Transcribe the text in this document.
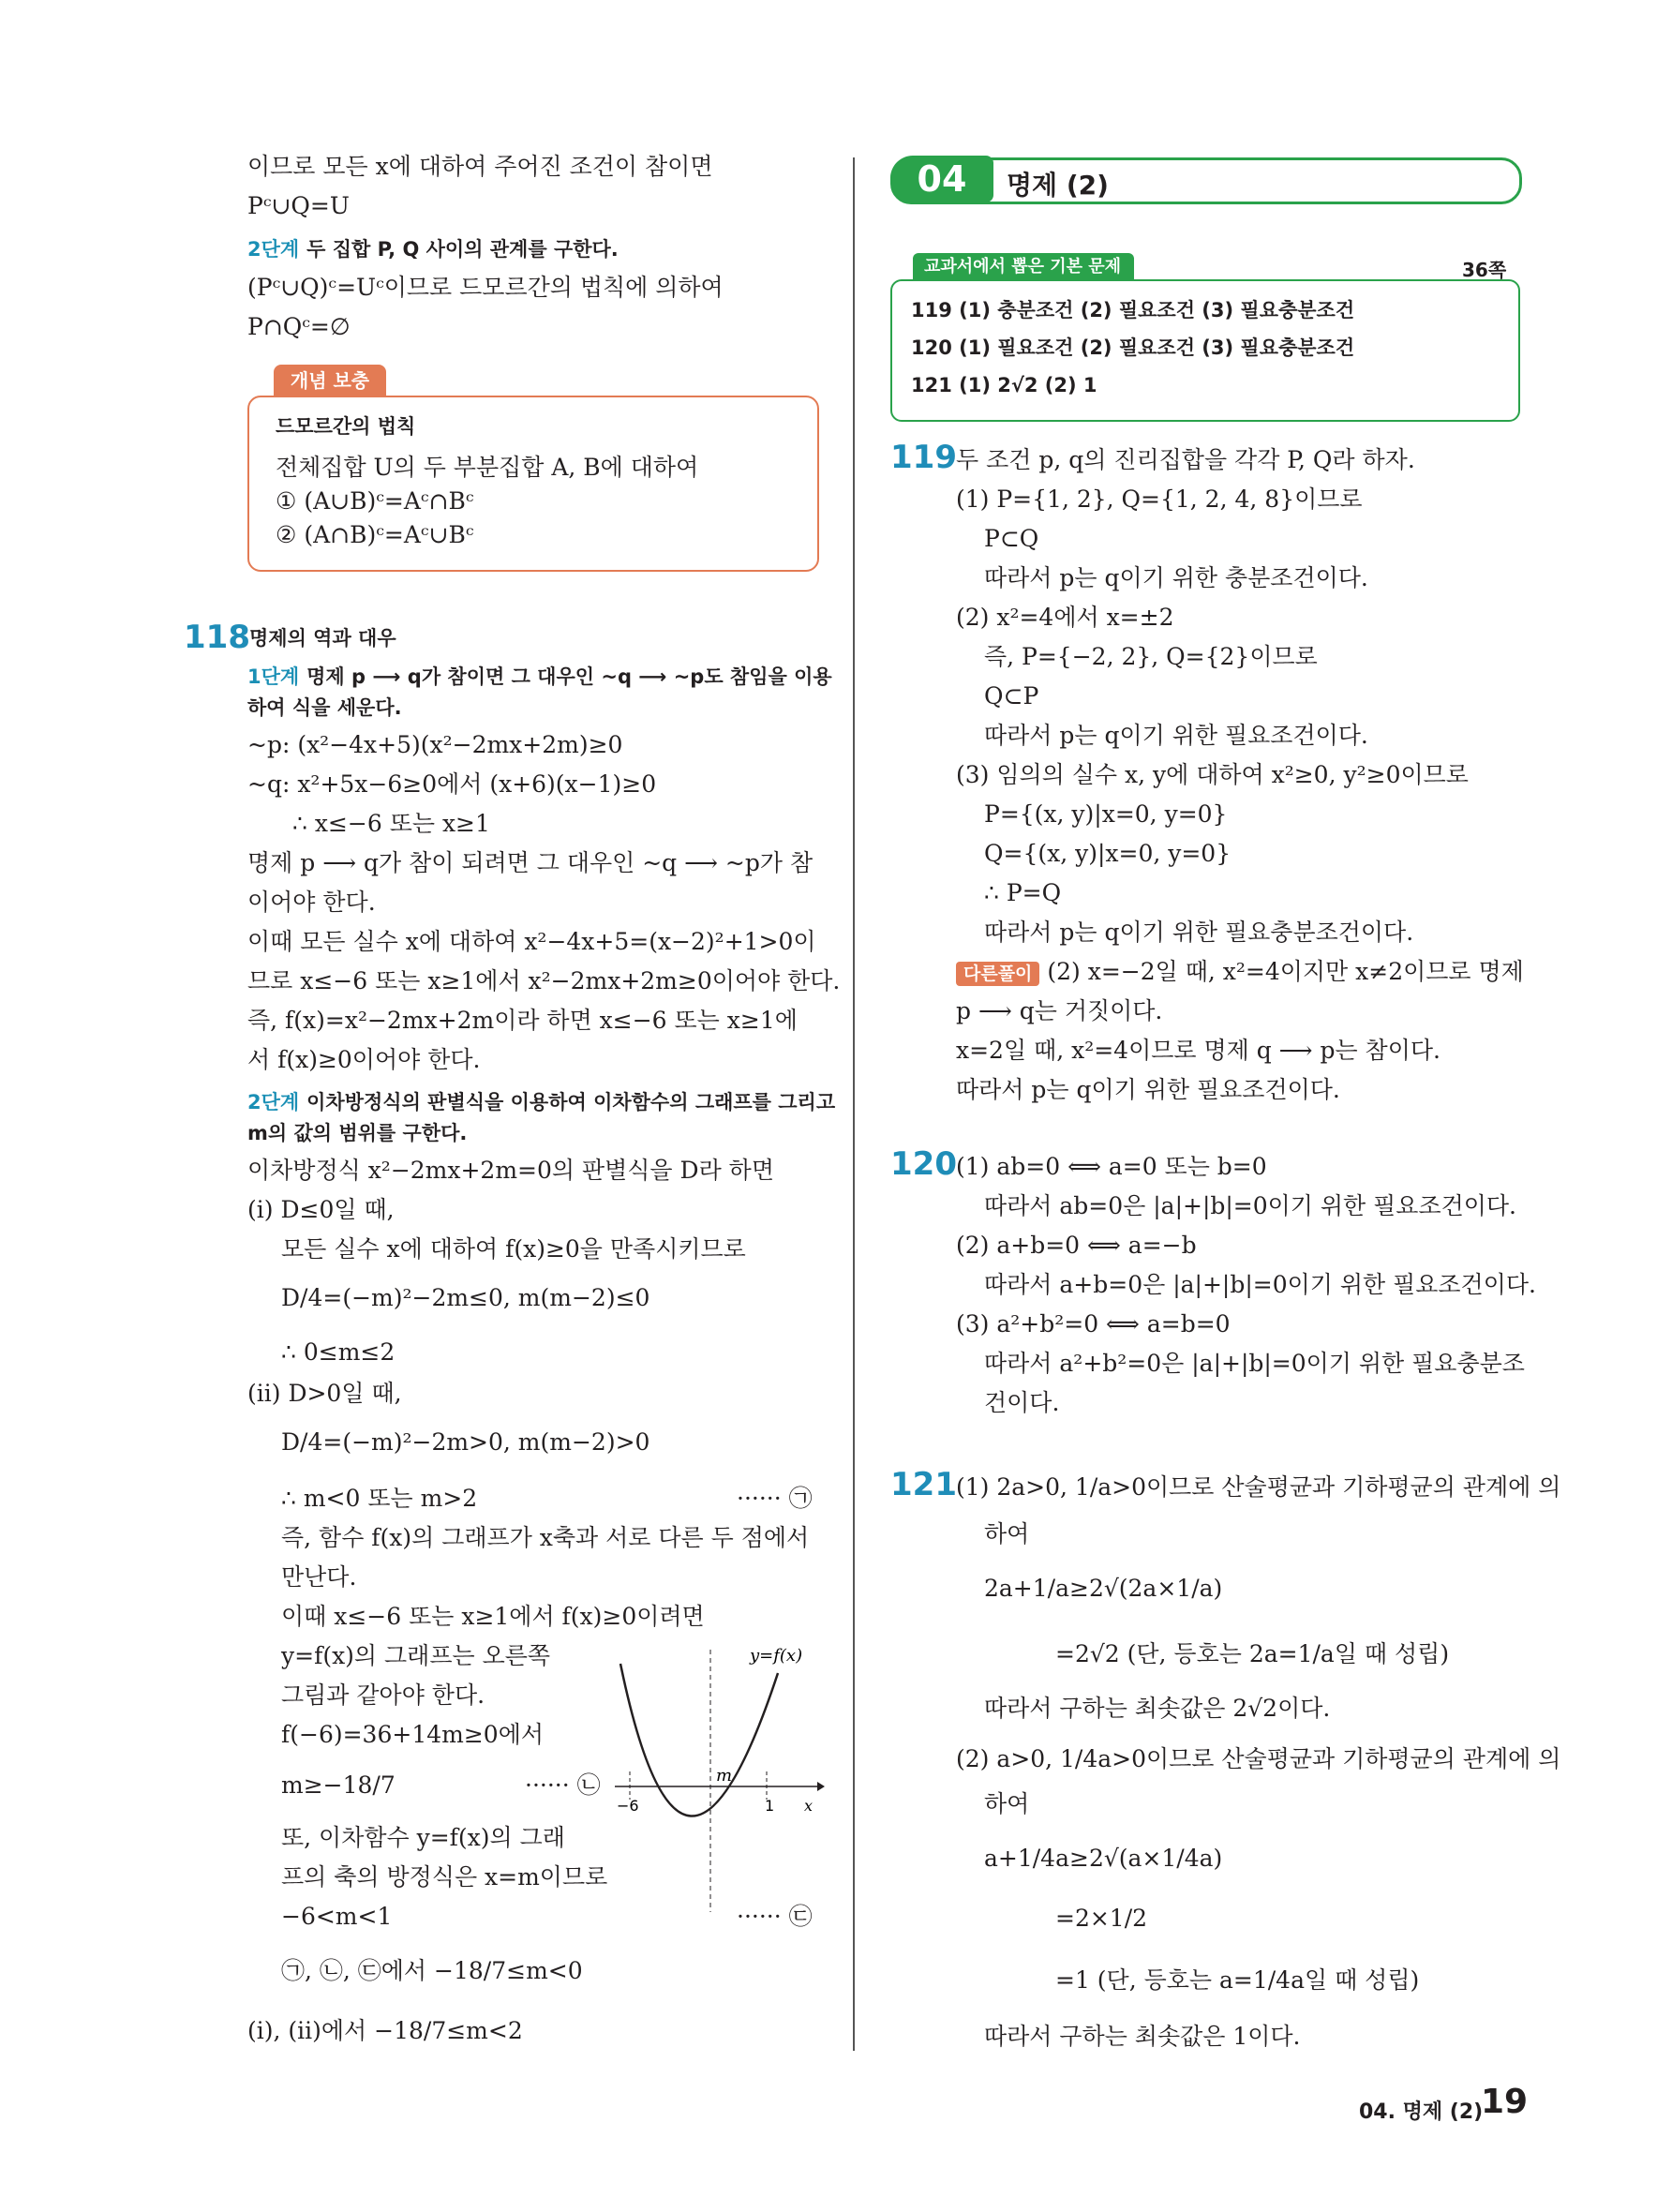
이므로 모든 x에 대하여 주어진 조건이 참이면
Pᶜ∪Q=U
2단계 두 집합 P, Q 사이의 관계를 구한다.
(Pᶜ∪Q)ᶜ=Uᶜ이므로 드모르간의 법칙에 의하여
P∩Qᶜ=∅
개념 보충
드모르간의 법칙
전체집합 U의 두 부분집합 A, B에 대하여
① (A∪B)ᶜ=Aᶜ∩Bᶜ
② (A∩B)ᶜ=Aᶜ∪Bᶜ
118 명제의 역과 대우
1단계 명제 p ⟶ q가 참이면 그 대우인 ~q ⟶ ~p도 참임을 이용
하여 식을 세운다.
~p: (x²−4x+5)(x²−2mx+2m)≥0
~q: x²+5x−6≥0에서 (x+6)(x−1)≥0
∴ x≤−6 또는 x≥1
명제 p ⟶ q가 참이 되려면 그 대우인 ~q ⟶ ~p가 참
이어야 한다.
이때 모든 실수 x에 대하여 x²−4x+5=(x−2)²+1>0이
므로 x≤−6 또는 x≥1에서 x²−2mx+2m≥0이어야 한다.
즉, f(x)=x²−2mx+2m이라 하면 x≤−6 또는 x≥1에
서 f(x)≥0이어야 한다.
2단계 이차방정식의 판별식을 이용하여 이차함수의 그래프를 그리고
m의 값의 범위를 구한다.
이차방정식 x²−2mx+2m=0의 판별식을 D라 하면
(i) D≤0일 때,
모든 실수 x에 대하여 f(x)≥0을 만족시키므로
D/4=(−m)²−2m≤0, m(m−2)≤0
∴ 0≤m≤2
(ii) D>0일 때,
D/4=(−m)²−2m>0, m(m−2)>0
∴ m<0 또는 m>2	······ ㉠
즉, 함수 f(x)의 그래프가 x축과 서로 다른 두 점에서
만난다.
이때 x≤−6 또는 x≥1에서 f(x)≥0이려면
y=f(x)의 그래프는 오른쪽
그림과 같아야 한다.
f(−6)=36+14m≥0에서
m≥−18/7	······ ㉡
또, 이차함수 y=f(x)의 그래
프의 축의 방정식은 x=m이므로
−6<m<1	······ ㉢
㉠, ㉡, ㉢에서 −18/7≤m<0
(i), (ii)에서 −18/7≤m<2
y=f(x)
m
−6	1 x
04	명제 (2)
교과서에서 뽑은 기본 문제	36쪽
119 (1) 충분조건 (2) 필요조건 (3) 필요충분조건
120 (1) 필요조건 (2) 필요조건 (3) 필요충분조건
121 (1) 2√2 (2) 1
119 두 조건 p, q의 진리집합을 각각 P, Q라 하자.
(1) P={1, 2}, Q={1, 2, 4, 8}이므로
P⊂Q
따라서 p는 q이기 위한 충분조건이다.
(2) x²=4에서 x=±2
즉, P={−2, 2}, Q={2}이므로
Q⊂P
따라서 p는 q이기 위한 필요조건이다.
(3) 임의의 실수 x, y에 대하여 x²≥0, y²≥0이므로
P={(x, y)|x=0, y=0}
Q={(x, y)|x=0, y=0}
∴ P=Q
따라서 p는 q이기 위한 필요충분조건이다.
다른풀이 (2) x=−2일 때, x²=4이지만 x≠2이므로 명제
p ⟶ q는 거짓이다.
x=2일 때, x²=4이므로 명제 q ⟶ p는 참이다.
따라서 p는 q이기 위한 필요조건이다.
120 (1) ab=0 ⟺ a=0 또는 b=0
따라서 ab=0은 |a|+|b|=0이기 위한 필요조건이다.
(2) a+b=0 ⟺ a=−b
따라서 a+b=0은 |a|+|b|=0이기 위한 필요조건이다.
(3) a²+b²=0 ⟺ a=b=0
따라서 a²+b²=0은 |a|+|b|=0이기 위한 필요충분조
건이다.
121 (1) 2a>0, 1/a>0이므로 산술평균과 기하평균의 관계에 의
하여
2a+1/a≥2√(2a×1/a)
=2√2 (단, 등호는 2a=1/a일 때 성립)
따라서 구하는 최솟값은 2√2이다.
(2) a>0, 1/4a>0이므로 산술평균과 기하평균의 관계에 의
하여
a+1/4a≥2√(a×1/4a)
=2×1/2
=1 (단, 등호는 a=1/4a일 때 성립)
따라서 구하는 최솟값은 1이다.
04. 명제 (2)
19
